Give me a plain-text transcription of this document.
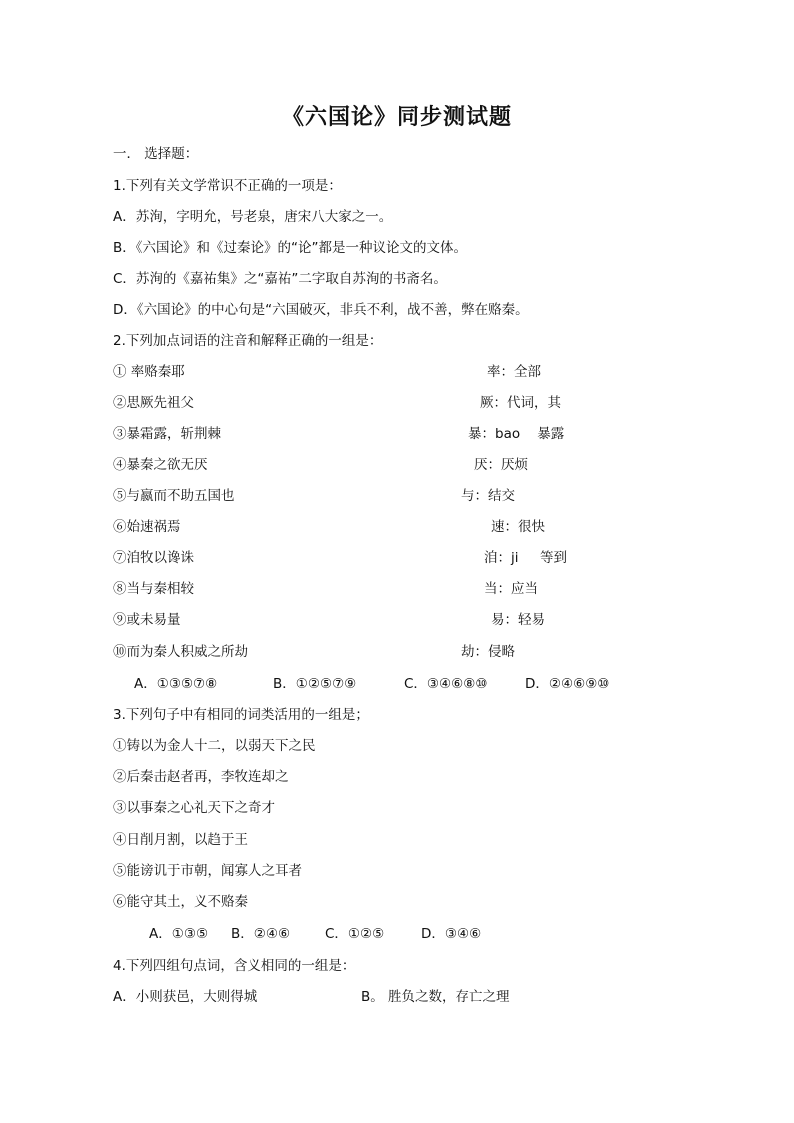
《六国论》同步测试题
一． 选择题：
1.下列有关文学常识不正确的一项是：
A．苏洵，字明允，号老泉，唐宋八大家之一。
B．《六国论》和《过秦论》的“论”都是一种议论文的文体。
C．苏洵的《嘉祐集》之“嘉祐”二字取自苏洵的书斋名。
D．《六国论》的中心句是“六国破灭，非兵不利，战不善，弊在赂秦。
2.下列加点词语的注音和解释正确的一组是：
① 率赂秦耶	率：全部
②思厥先祖父	厥：代词，其
③暴霜露，斩荆棘	暴：bao    暴露
④暴秦之欲无厌	厌：厌烦
⑤与嬴而不助五国也	与：结交
⑥始速祸焉	速：很快
⑦洎牧以谗诛	洎：ji     等到
⑧当与秦相较	当：应当
⑨或未易量	易：轻易
⑩而为秦人积威之所劫	劫：侵略
A．①③⑤⑦⑧	B．①②⑤⑦⑨	C．③④⑥⑧⑩	D．②④⑥⑨⑩
3.下列句子中有相同的词类活用的一组是；
①铸以为金人十二，以弱天下之民
②后秦击赵者再，李牧连却之
③以事秦之心礼天下之奇才
④日削月割，以趋于王
⑤能谤讥于市朝，闻寡人之耳者
⑥能守其土，义不赂秦
A．①③⑤ B．②④⑥	C．①②⑤	D．③④⑥
4.下列四组句点词，含义相同的一组是：
A．小则获邑，大则得城	B。 胜负之数，存亡之理
